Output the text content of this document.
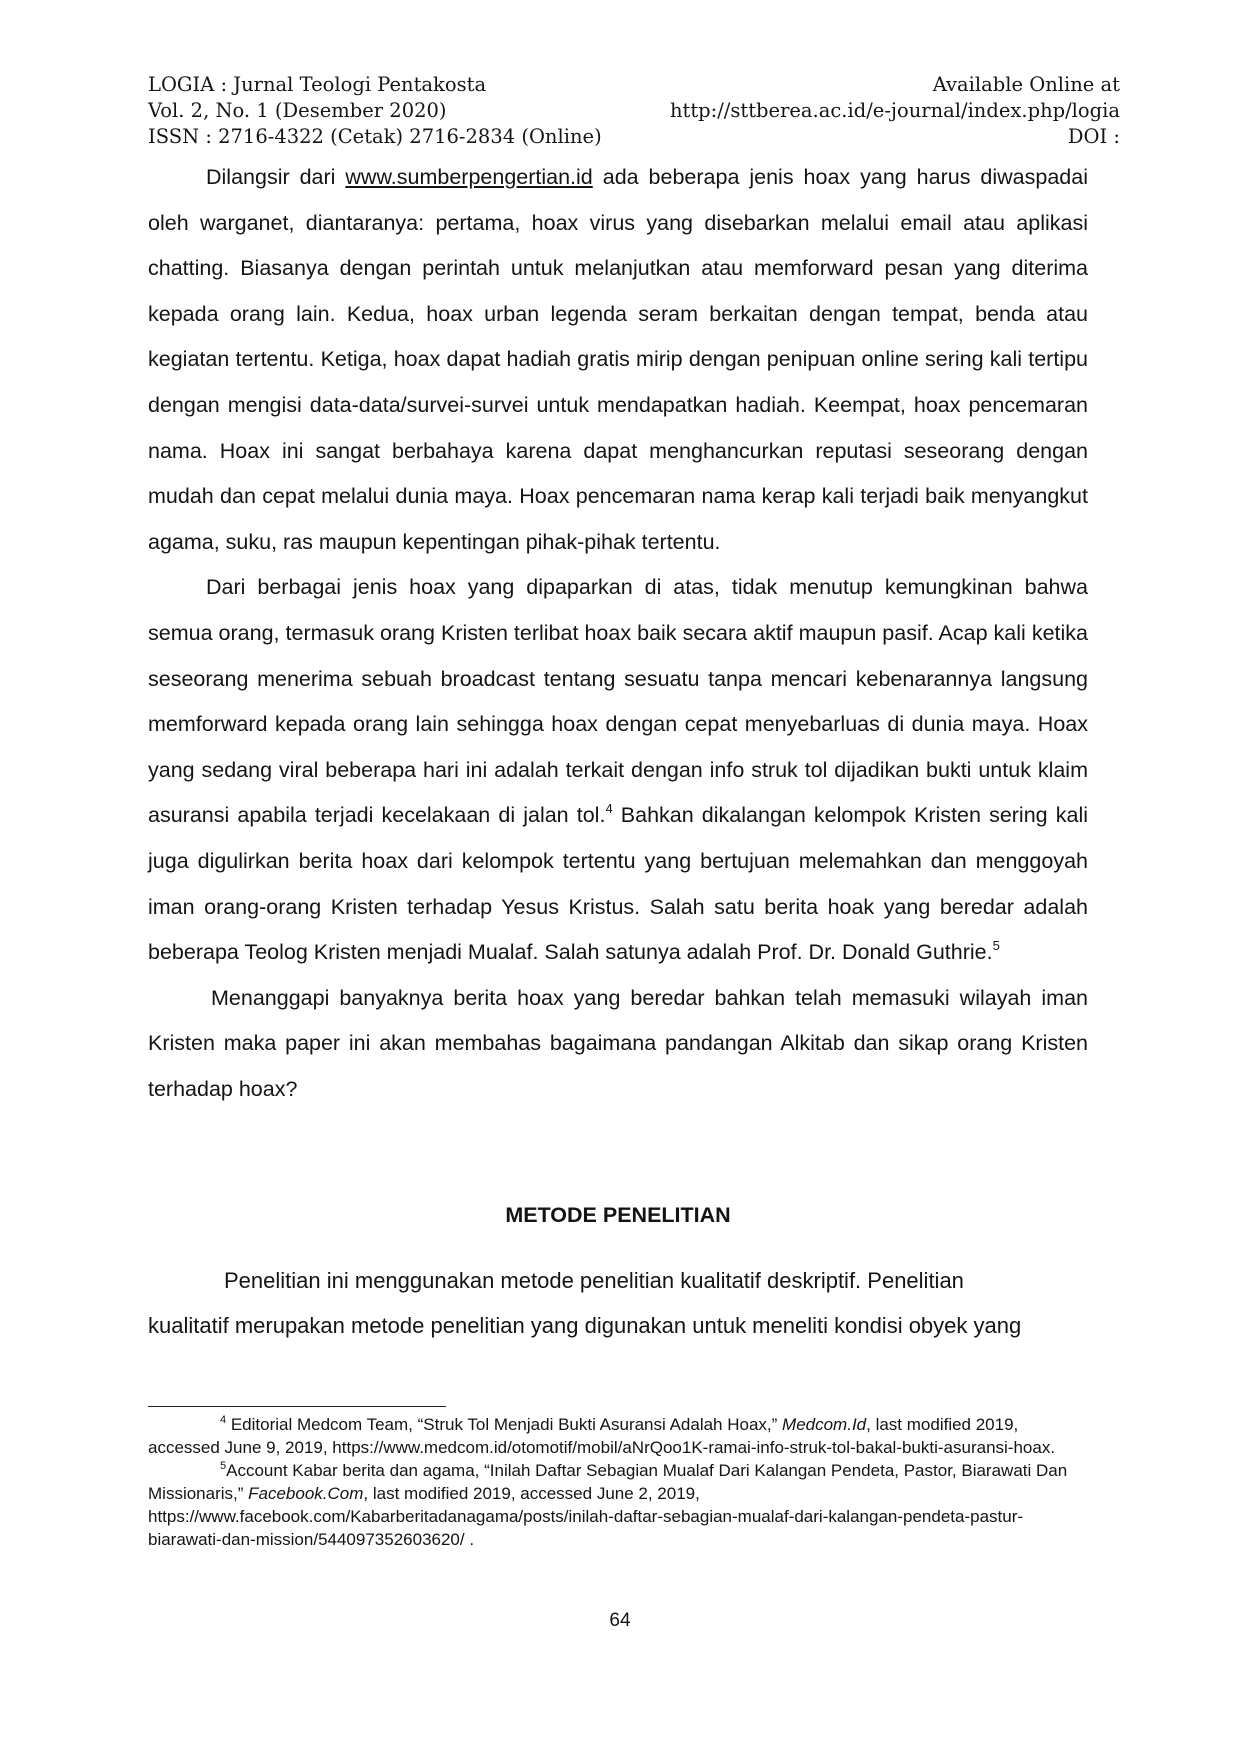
LOGIA : Jurnal Teologi Pentakosta
Vol. 2, No. 1 (Desember 2020)
ISSN : 2716-4322 (Cetak) 2716-2834 (Online)
Available Online at
http://sttberea.ac.id/e-journal/index.php/logia
DOI :

Dilangsir dari www.sumberpengertian.id ada beberapa jenis hoax yang harus diwaspadai oleh warganet, diantaranya: pertama, hoax virus yang disebarkan melalui email atau aplikasi chatting. Biasanya dengan perintah untuk melanjutkan atau memforward pesan yang diterima kepada orang lain. Kedua, hoax urban legenda seram berkaitan dengan tempat, benda atau kegiatan tertentu. Ketiga, hoax dapat hadiah gratis mirip dengan penipuan online sering kali tertipu dengan mengisi data-data/survei-survei untuk mendapatkan hadiah. Keempat, hoax pencemaran nama. Hoax ini sangat berbahaya karena dapat menghancurkan reputasi seseorang dengan mudah dan cepat melalui dunia maya. Hoax pencemaran nama kerap kali terjadi baik menyangkut agama, suku, ras maupun kepentingan pihak-pihak tertentu.

Dari berbagai jenis hoax yang dipaparkan di atas, tidak menutup kemungkinan bahwa semua orang, termasuk orang Kristen terlibat hoax baik secara aktif maupun pasif. Acap kali ketika seseorang menerima sebuah broadcast tentang sesuatu tanpa mencari kebenarannya langsung memforward kepada orang lain sehingga hoax dengan cepat menyebarluas di dunia maya. Hoax yang sedang viral beberapa hari ini adalah terkait dengan info struk tol dijadikan bukti untuk klaim asuransi apabila terjadi kecelakaan di jalan tol.$^4$ Bahkan dikalangan kelompok Kristen sering kali juga digulirkan berita hoax dari kelompok tertentu yang bertujuan melemahkan dan menggoyah iman orang-orang Kristen terhadap Yesus Kristus. Salah satu berita hoak yang beredar adalah beberapa Teolog Kristen menjadi Mualaf. Salah satunya adalah Prof. Dr. Donald Guthrie.$^5$

Menanggapi banyaknya berita hoax yang beredar bahkan telah memasuki wilayah iman Kristen maka paper ini akan membahas bagaimana pandangan Alkitab dan sikap orang Kristen terhadap hoax?

METODE PENELITIAN
Penelitian ini menggunakan metode penelitian kualitatif deskriptif. Penelitian
kualitatif merupakan metode penelitian yang digunakan untuk meneliti kondisi obyek yang

$^4$ Editorial Medcom Team, “Struk Tol Menjadi Bukti Asuransi Adalah Hoax,” Medcom.Id, last modified 2019, accessed June 9, 2019, https://www.medcom.id/otomotif/mobil/aNrQoo1K-ramai-info-struk-tol-bakal-bukti-asuransi-hoax.

$^5$Account Kabar berita dan agama, “Inilah Daftar Sebagian Mualaf Dari Kalangan Pendeta, Pastor, Biarawati Dan Missionaris,” Facebook.Com, last modified 2019, accessed June 2, 2019, https://www.facebook.com/Kabarberitadanagama/posts/inilah-daftar-sebagian-mualaf-dari-kalangan-pendeta-pastur-biarawati-dan-mission/544097352603620/ .

64
